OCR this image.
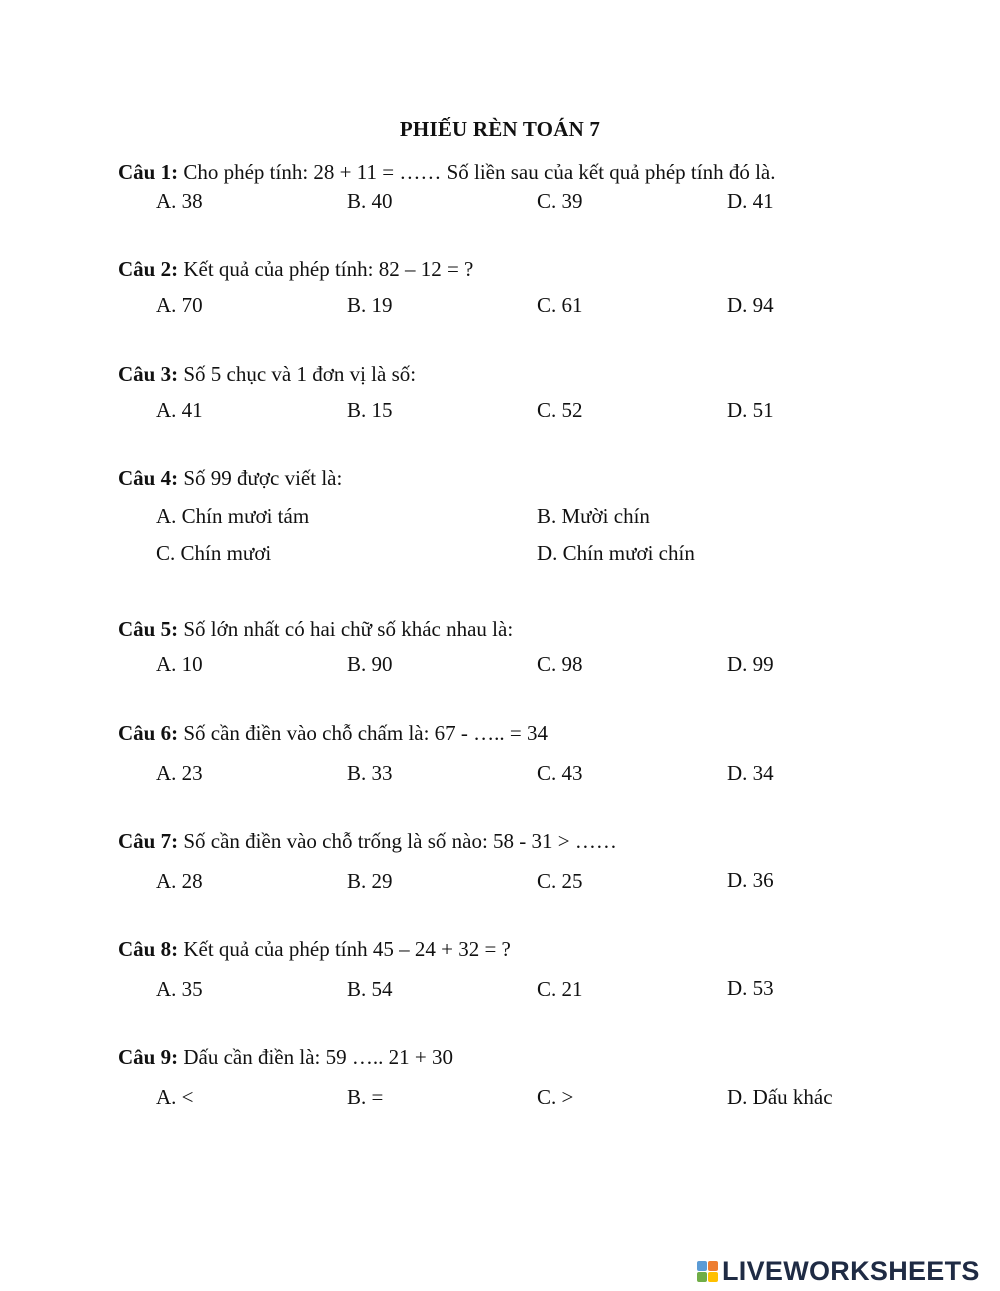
PHIẾU RÈN TOÁN 7
Câu 1: Cho phép tính: 28 + 11 = …… Số liền sau của kết quả phép tính đó là.
A. 38	B. 40	C. 39	D. 41
Câu 2: Kết quả của phép tính: 82 – 12 = ?
A. 70	B. 19	C. 61	D. 94
Câu 3: Số 5 chục và 1 đơn vị là số:
A. 41	B. 15	C. 52	D. 51
Câu 4: Số 99 được viết là:
A. Chín mươi tám	B. Mười chín
C. Chín mươi	D. Chín mươi chín
Câu 5: Số lớn nhất có hai chữ số khác nhau là:
A. 10	B. 90	C. 98	D. 99
Câu 6: Số cần điền vào chỗ chấm là: 67 - ….. = 34
A. 23	B. 33	C. 43	D. 34
Câu 7: Số cần điền vào chỗ trống là số nào: 58 - 31 > ……
A. 28	B. 29	C. 25	D. 36
Câu 8: Kết quả của phép tính 45 – 24 + 32 = ?
A. 35	B. 54	C. 21	D. 53
Câu 9: Dấu cần điền là: 59 ….. 21 + 30
A. <	B. =	C. >	D. Dấu khác
LIVEWORKSHEETS
